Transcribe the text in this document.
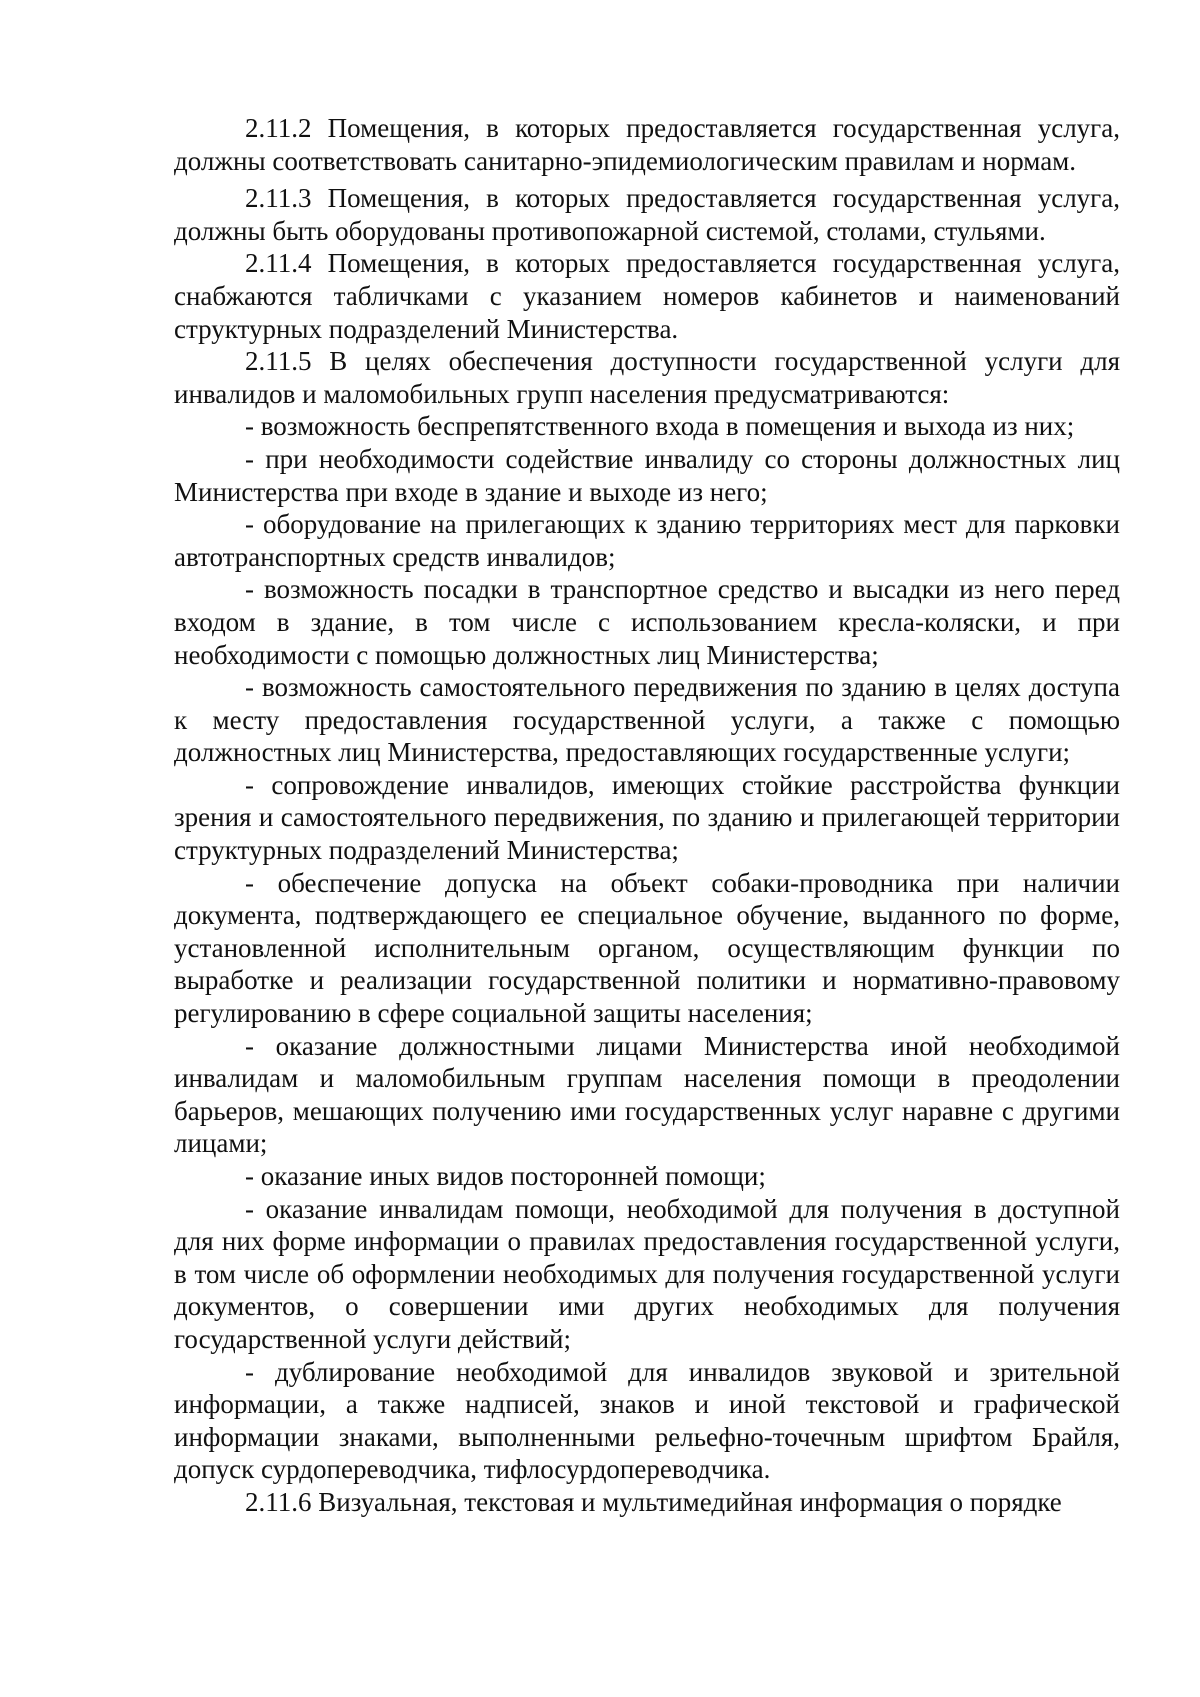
2.11.2 Помещения, в которых предоставляется государственная услуга, должны соответствовать санитарно-эпидемиологическим правилам и нормам.

2.11.3 Помещения, в которых предоставляется государственная услуга, должны быть оборудованы противопожарной системой, столами, стульями.

2.11.4 Помещения, в которых предоставляется государственная услуга, снабжаются табличками с указанием номеров кабинетов и наименований структурных подразделений Министерства.

2.11.5 В целях обеспечения доступности государственной услуги для инвалидов и маломобильных групп населения предусматриваются:

- возможность беспрепятственного входа в помещения и выхода из них;

- при необходимости содействие инвалиду со стороны должностных лиц Министерства при входе в здание и выходе из него;

- оборудование на прилегающих к зданию территориях мест для парковки автотранспортных средств инвалидов;

- возможность посадки в транспортное средство и высадки из него перед входом в здание, в том числе с использованием кресла-коляски, и при необходимости с помощью должностных лиц Министерства;

- возможность самостоятельного передвижения по зданию в целях доступа к месту предоставления государственной услуги, а также с помощью должностных лиц Министерства, предоставляющих государственные услуги;

- сопровождение инвалидов, имеющих стойкие расстройства функции зрения и самостоятельного передвижения, по зданию и прилегающей территории структурных подразделений Министерства;

- обеспечение допуска на объект собаки-проводника при наличии документа, подтверждающего ее специальное обучение, выданного по форме, установленной исполнительным органом, осуществляющим функции по выработке и реализации государственной политики и нормативно-правовому регулированию в сфере социальной защиты населения;

- оказание должностными лицами Министерства иной необходимой инвалидам и маломобильным группам населения помощи в преодолении барьеров, мешающих получению ими государственных услуг наравне с другими лицами;

- оказание иных видов посторонней помощи;

- оказание инвалидам помощи, необходимой для получения в доступной для них форме информации о правилах предоставления государственной услуги, в том числе об оформлении необходимых для получения государственной услуги документов, о совершении ими других необходимых для получения государственной услуги действий;

- дублирование необходимой для инвалидов звуковой и зрительной информации, а также надписей, знаков и иной текстовой и графической информации знаками, выполненными рельефно-точечным шрифтом Брайля, допуск сурдопереводчика, тифлосурдопереводчика.

2.11.6 Визуальная, текстовая и мультимедийная информация о порядке
